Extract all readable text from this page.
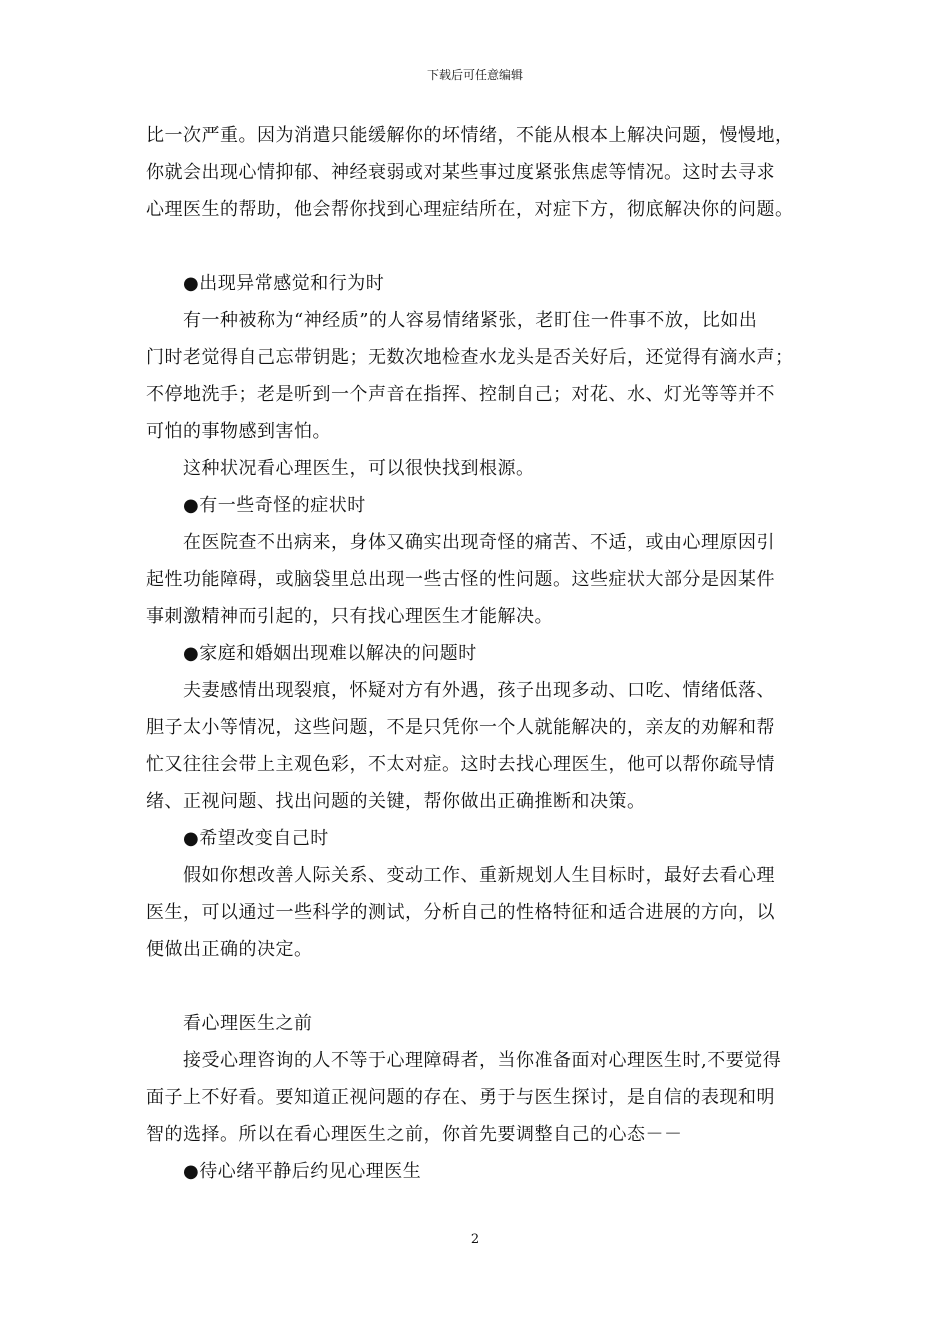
下载后可任意编辑
比一次严重。因为消遣只能缓解你的坏情绪，不能从根本上解决问题，慢慢地，
你就会出现心情抑郁、神经衰弱或对某些事过度紧张焦虑等情况。这时去寻求
心理医生的帮助，他会帮你找到心理症结所在，对症下方，彻底解决你的问题。
●出现异常感觉和行为时
有一种被称为“神经质”的人容易情绪紧张，老盯住一件事不放，比如出
门时老觉得自己忘带钥匙；无数次地检查水龙头是否关好后，还觉得有滴水声；
不停地洗手；老是听到一个声音在指挥、控制自己；对花、水、灯光等等并不
可怕的事物感到害怕。
这种状况看心理医生，可以很快找到根源。
●有一些奇怪的症状时
在医院查不出病来，身体又确实出现奇怪的痛苦、不适，或由心理原因引
起性功能障碍，或脑袋里总出现一些古怪的性问题。这些症状大部分是因某件
事刺激精神而引起的，只有找心理医生才能解决。
●家庭和婚姻出现难以解决的问题时
夫妻感情出现裂痕，怀疑对方有外遇，孩子出现多动、口吃、情绪低落、
胆子太小等情况，这些问题，不是只凭你一个人就能解决的，亲友的劝解和帮
忙又往往会带上主观色彩，不太对症。这时去找心理医生，他可以帮你疏导情
绪、正视问题、找出问题的关键，帮你做出正确推断和决策。
●希望改变自己时
假如你想改善人际关系、变动工作、重新规划人生目标时，最好去看心理
医生，可以通过一些科学的测试，分析自己的性格特征和适合进展的方向，以
便做出正确的决定。
看心理医生之前
接受心理咨询的人不等于心理障碍者，当你准备面对心理医生时,不要觉得
面子上不好看。要知道正视问题的存在、勇于与医生探讨，是自信的表现和明
智的选择。所以在看心理医生之前，你首先要调整自己的心态－－
●待心绪平静后约见心理医生
2
